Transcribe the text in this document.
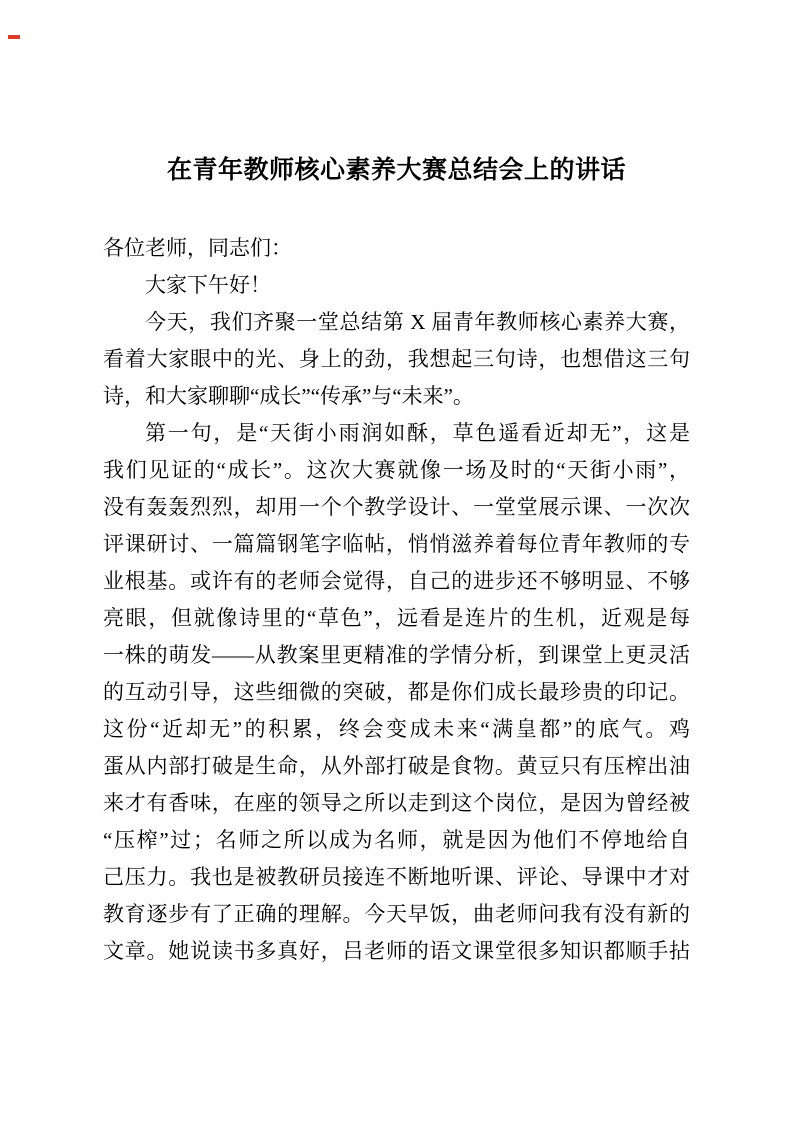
在青年教师核心素养大赛总结会上的讲话
各位老师，同志们：
大家下午好！
今天，我们齐聚一堂总结第 X 届青年教师核心素养大赛，
看着大家眼中的光、身上的劲，我想起三句诗，也想借这三句
诗，和大家聊聊“成长”“传承”与“未来”。
第一句，是“天街小雨润如酥，草色遥看近却无”，这是
我们见证的“成长”。这次大赛就像一场及时的“天街小雨”，
没有轰轰烈烈，却用一个个教学设计、一堂堂展示课、一次次
评课研讨、一篇篇钢笔字临帖，悄悄滋养着每位青年教师的专
业根基。或许有的老师会觉得，自己的进步还不够明显、不够
亮眼，但就像诗里的“草色”，远看是连片的生机，近观是每
一株的萌发——从教案里更精准的学情分析，到课堂上更灵活
的互动引导，这些细微的突破，都是你们成长最珍贵的印记。
这份“近却无”的积累，终会变成未来“满皇都”的底气。鸡
蛋从内部打破是生命，从外部打破是食物。黄豆只有压榨出油
来才有香味，在座的领导之所以走到这个岗位，是因为曾经被
“压榨”过；名师之所以成为名师，就是因为他们不停地给自
己压力。我也是被教研员接连不断地听课、评论、导课中才对
教育逐步有了正确的理解。今天早饭，曲老师问我有没有新的
文章。她说读书多真好，吕老师的语文课堂很多知识都顺手拈
